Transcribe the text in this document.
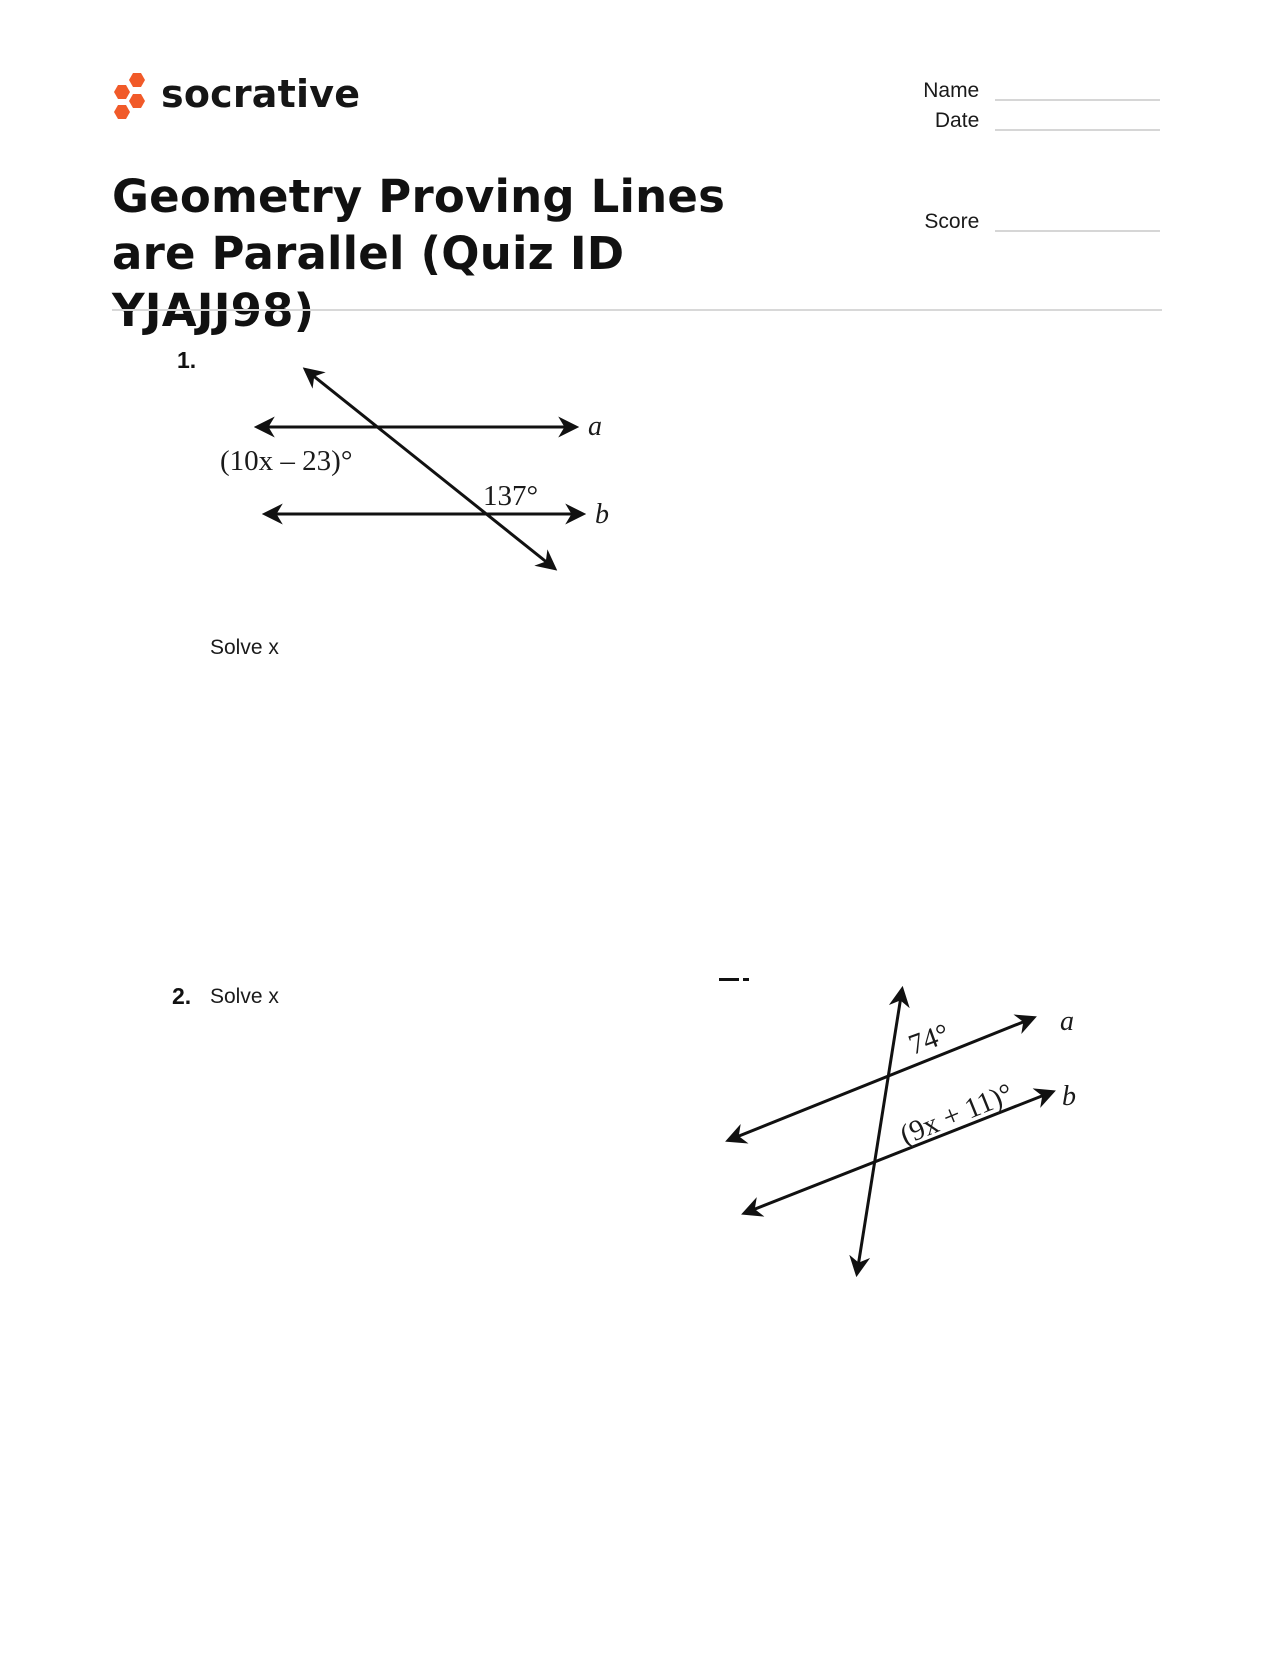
socrative
Geometry Proving Lines are Parallel (Quiz ID YJAJJ98)
Name
Date
Score
1.
a
b
(10x – 23)°
137°
Solve x
2. Solve x
a
b
74°
(9x + 11)°
